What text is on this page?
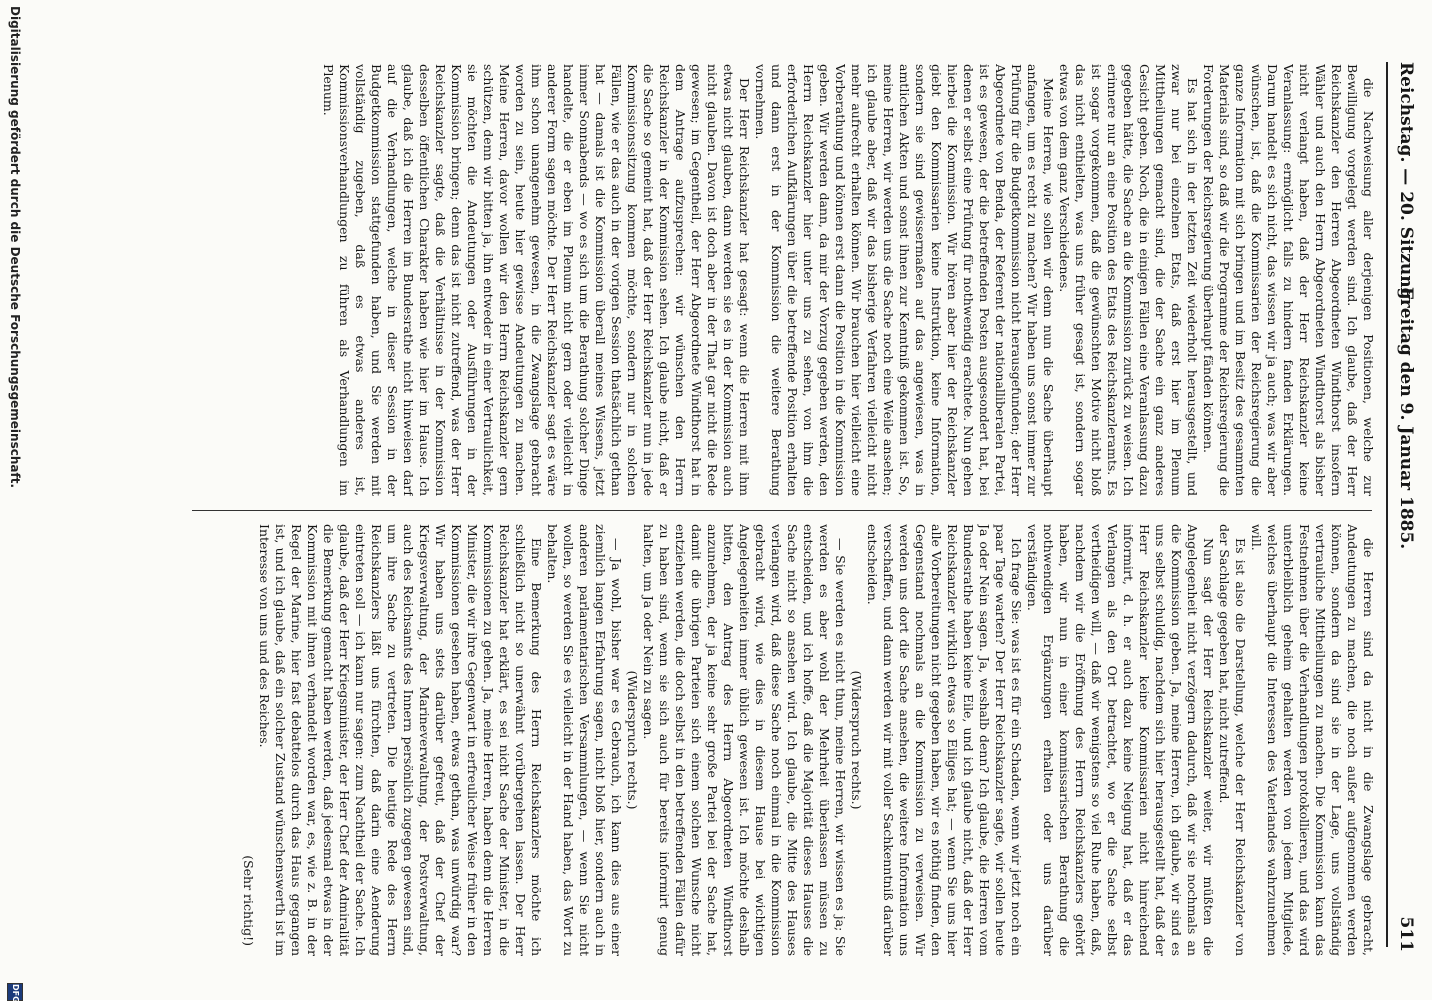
Reichstag. — 20. Sitzung.
Freitag den 9. Januar 1885.
511

die Nachweisung aller derjenigen Positionen, welche zur Bewilligung vorgelegt werden sind. Ich glaube, daß der Herr Reichskanzler den Herren Abgeordneten Windthorst insofern Wähler und auch den Herrn Abgeordneten Windthorst als bisher nicht verlangt haben, daß der Herr Reichskanzler keine Veranlassung: ermöglicht falls zu hindern fanden Erklärungen. Darum handelt es sich nicht, das wissen wir ja auch; was wir aber wünschen, ist, daß die Kommissarien der Reichsregierung die ganze Information mit sich bringen und im Besitz des gesammten Materials sind, so daß wir die Programme der Reichsregierung die Forderungen der Reichsregierung überhaupt fänden können.

Es hat sich in der letzten Zeit wiederholt herausgestellt, und zwar nur bei einzelnen Etats, daß erst hier im Plenum Mittheilungen gemacht sind, die der Sache ein ganz anderes Gesicht geben. Noch, die in einigen Fällen eine Veranlassung dazu gegeben hätte, die Sache an die Kommission zurück zu weisen. Ich erinnere nur an eine Position des Etats des Reichskanzleramts. Es ist sogar vorgekommen, daß die gewünschten Motive nicht bloß das nicht enthielten, was uns früher gesagt ist, sondern sogar etwas von dem ganz Verschiedenes.

Meine Herren, wie sollen wir denn nun die Sache überhaupt anfangen, um es recht zu machen? Wir haben uns sonst immer zur Prüfung für die Budgetkommission nicht herausgefunden; der Herr Abgeordnete von Benda, der Referent der nationalliberalen Partei, ist es gewesen, der die betreffenden Posten ausgesondert hat, bei denen er selbst eine Prüfung für nothwendig erachtete. Nun gehen hierbei die Kommission. Wir hören aber hier der Reichskanzler giebt den Kommissarien keine Instruktion, keine Information, sondern sie sind gewissermaßen auf das angewiesen, was in amtlichen Akten und sonst ihnen zur Kenntniß gekommen ist. So, meine Herren, wir werden uns die Sache noch eine Weile ansehen; ich glaube aber, daß wir das bisherige Verfahren vielleicht nicht mehr aufrecht erhalten können. Wir brauchen hier vielleicht eine Vorberathung und können erst dann die Position in die Kommission geben. Wir werden dann, da mir der Vorzug gegeben werden, den Herrn Reichskanzler hier unter uns zu sehen, von ihm die erforderlichen Aufklärungen über die betreffende Position erhalten und dann erst in der Kommission die weitere Berathung vornehmen.

Der Herr Reichskanzler hat gesagt: wenn die Herren mit ihm etwas nicht glauben, dann werden sie es in der Kommission auch nicht glauben. Davon ist doch aber in der That gar nicht die Rede gewesen; im Gegentheil, der Herr Abgeordnete Windthorst hat in dem Antrage aufzusprechen: wir wünschen den Herrn Reichskanzler in der Kommission sehen. Ich glaube nicht, daß er die Sache so gemeint hat, daß der Herr Reichskanzler nun in jede Kommissionssitzung kommen möchte, sondern nur in solchen Fällen, wie er das auch in der vorigen Session thatsächlich gethan hat — damals ist die Kommission überall meines Wissens, jetzt immer Sonnabends — wo es sich um die Berathung solcher Dinge handelte, die er eben im Plenum nicht gern oder vielleicht in anderer Form sagen möchte. Der Herr Reichskanzler sagt es wäre ihm schon unangenehm gewesen, in die Zwangslage gebracht worden zu sein, heute hier gewisse Andeutungen zu machen. Meine Herren, davor wollen wir den Herrn Reichskanzler gern schützen, denn wir bitten ja, ihn entweder in einer Vertraulichkeit, sie möchten die Andeutungen oder Ausführungen in der Kommission bringen; denn das ist nicht zutreffend, was der Herr Reichskanzler sagte, daß die Verhältnisse in der Kommission desselben öffentlichen Charakter haben wie hier im Hause. Ich glaube, daß ich die Herren im Bundesrathe nicht hinweisen darf auf die Verhandlungen, welche in dieser Session in der Budgetkommission stattgefunden haben, und Sie werden mit vollständig zugeben, daß es etwas anderes ist, Kommissionsverhandlungen zu führen als Verhandlungen im Plenum.

die Herren sind da nicht in die Zwangslage gebracht, Andeutungen zu machen, die noch außer aufgenommen werden können, sondern da sind sie in der Lage, uns vollständig vertrauliche Mittheilungen zu machen. Die Kommission kann das Festnehmen über die Verhandlungen protokollieren, und das wird unterbleiblich geheim gehalten werden von jedem Mitgliede, welches überhaupt die Interessen des Vaterlandes wahrzunehmen will.

Es ist also die Darstellung, welche der Herr Reichskanzler von der Sachlage gegeben hat, nicht zutreffend.

Nun sagt der Herr Reichskanzler weiter, wir müßten die Angelegenheit nicht verzögern dadurch, daß wir sie nochmals an die Kommission geben. Ja, meine Herren, ich glaube, wir sind es uns selbst schuldig, nachdem sich hier herausgestellt hat, daß der Herr Reichskanzler keine Kommissarien nicht hinreichend informirt, d. h. er auch dazu keine Neigung hat, daß er das Verlangen als den Ort betrachtet, wo er die Sache selbst vertheidigen will, — daß wir wenigstens so viel Ruhe haben, daß, nachdem wir die Eröffnung des Herrn Reichskanzlers gehört haben, wir nun in einer kommissarischen Berathung die nothwendigen Ergänzungen erhalten oder uns darüber verständigen.

Ich frage Sie: was ist es für ein Schaden, wenn wir jetzt noch ein paar Tage warten? Der Herr Reichskanzler sagte, wir sollen heute Ja oder Nein sagen. Ja, weshalb denn? Ich glaube, die Herren vom Bundesrathe haben keine Eile, und ich glaube nicht, daß der Herr Reichskanzler wirklich etwas so Eiliges hat; — wenn Sie uns hier alle Vorbereitungen nicht gegeben haben, wir es nöthig finden, den Gegenstand nochmals an die Kommission zu verweisen. Wir werden uns dort die Sache ansehen, die weitere Information uns verschaffen, und dann werden wir mit voller Sachkenntniß darüber entscheiden.

(Widerspruch rechts.)

— Sie werden es nicht thun, meine Herren, wir wissen es ja; Sie werden es aber wohl der Mehrheit überlassen müssen zu entscheiden, und ich hoffe, daß die Majorität dieses Hauses die Sache nicht so ansehen wird. Ich glaube, die Mitte des Hauses verlangen wird, daß diese Sache noch einmal in die Kommission gebracht wird, wie dies in diesem Hause bei wichtigen Angelegenheiten immer üblich gewesen ist. Ich möchte deshalb bitten, den Antrag des Herrn Abgeordneten Windthorst anzunehmen, der ja keine sehr große Partei bei der Sache hat, damit die übrigen Parteien sich einem solchen Wunsche nicht entziehen werden, die doch selbst in den betreffenden Fällen dafür zu haben sind, wenn sie sich auch für bereits informirt genug halten, um Ja oder Nein zu sagen.

(Widerspruch rechts.)

— Ja wohl, bisher war es Gebrauch, ich kann dies aus einer ziemlich langen Erfahrung sagen, nicht bloß hier, sondern auch in anderen parlamentarischen Versammlungen, — wenn Sie nicht wollen, so werden Sie es vielleicht in der Hand haben, das Wort zu behalten.

Eine Bemerkung des Herrn Reichskanzlers möchte ich schließlich nicht so unerwähnt vorübergehen lassen. Der Herr Reichskanzler hat erklärt, es sei nicht Sache der Minister, in die Kommissionen zu gehen. Ja, meine Herren, haben denn die Herren Minister, die wir ihre Gegenwart in erfreulicher Weise früher in den Kommissionen gesehen haben, etwas gethan, was unwürdig war? Wir haben uns stets darüber gefreut, daß der Chef der Kriegsverwaltung, der Marineverwaltung, der Postverwaltung, auch des Reichsamts des Innern persönlich zugegen gewesen sind, um ihre Sache zu vertreten. Die heutige Rede des Herrn Reichskanzlers läßt uns fürchten, daß darin eine Aenderung eintreten soll — ich kann nur sagen: zum Nachtheil der Sache. Ich glaube, daß der Herr Kriegsminister, der Herr Chef der Admiralität die Bemerkung gemacht haben werden, daß jedesmal etwas in der Kommission mit ihnen verhandelt worden war, es, wie z. B. in der Regel der Marine, hier fast debattelos durch das Haus gegangen ist, und ich glaube, daß ein solcher Zustand wünschenswerth ist im Interesse von uns und des Reiches.

(Sehr richtig!)

Digitalisierung gefördert durch die Deutsche Forschungsgemeinschaft.
DFG
